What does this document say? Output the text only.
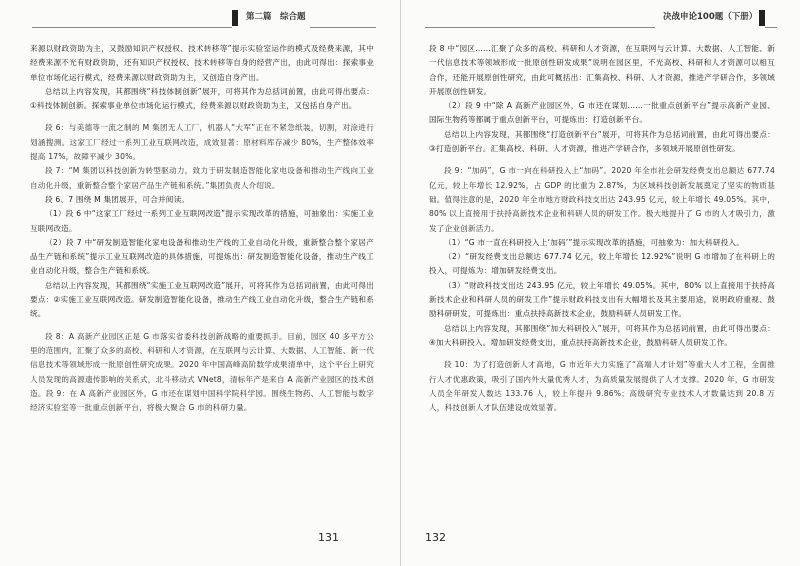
第二篇　综合题

来源以财政资助为主，又鼓励知识产权授权、技术转移等”提示实验室运作的模式及经费来源，其中经费来源不光有财政资助，还有知识产权授权、技术转移等自身的经营产出，由此可得出：探索事业单位市场化运行模式，经费来源以财政资助为主，又创造自身产出。

总结以上内容发现，其都围绕“科技体制创新”展开，可将其作为总括词前置，由此可得出要点：①科技体制创新。探索事业单位市场化运行模式，经费来源以财政资助为主，又包括自身产出。

段 6：与美德等一流之制的 M 集团无人工厂，机器人“大军”正在不紧急纸装，切割，对涂进行划涵搜测。这家工厂经过一系列工业互联网改造，成效显著：原材料库存减少 80%，生产整体效率提高 17%，故障平减少 30%。

段 7：“M 集团以科技创新为转型驱动力，致力于研发制造智能化家电设备和推动生产线向工业自动化升级，重新整合整个家居产品生产链和系统。”集团负责人介绍说。

段 6、7 围绕 M 集团展开，可合并阅读。

（1）段 6 中“这家工厂经过一系列工业互联网改造”提示实现改革的措施，可抽象出：实施工业互联网改造。

（2）段 7 中“研发制造智能化家电设备和推动生产线的工业自动化升级，重新整合整个家居产品生产链和系统”提示工业互联网改造的具体措施，可提炼出：研发制造智能化设备，推动生产线工业自动化升级，整合生产链和系统。

总结以上内容发现，其都围绕“实施工业互联网改造”展开，可将其作为总括词前置，由此可得出要点：②实施工业互联网改造。研发制造智能化设备，推动生产线工业自动化升级，整合生产链和系统。

段 8：A 高新产业园区正是 G 市落实省委科技创新战略的重要抓手。目前，园区 40 多平方公里的范围内，汇聚了众多的高校、科研和人才资源，在互联网与云计算、大数据、人工智能、新一代信息技术等领域形成一批原创性研究成果。2020 年中国高峰高阶数学成果清单中，这个平台上研究人员发现的高源遗传影响的关系式，北斗移动式 VNet8，清标年产是来自 A 高新产业园区的技术创造。段 9：在 A 高新产业园区外，G 市还在谋划中国科学院科学园。围绕生物药、人工智能与数字经济实验室等一批重点创新平台，将极大聚合 G 市的科研力量。

131
决战申论100题（下册）

段 8 中“园区……汇聚了众多的高校、科研和人才资源，在互联网与云计算、大数据、人工智能、新一代信息技术等领域形成一批原创性研发成果”说明在园区里，不光高校、科研和人才资源可以相互合作，还能开展原创性研究，由此可概括出：汇集高校、科研、人才资源，推进产学研合作，多领域开展原创性研发。

（2）段 9 中“除 A 高新产业园区外，G 市还在谋划……一批重点创新平台”提示高新产业园、国际生物药等都属于重点创新平台，可提炼出：打造创新平台。

总结以上内容发现，其都围绕“打造创新平台”展开，可将其作为总括词前置，由此可得出要点：③打造创新平台。汇集高校、科研、人才资源，推进产学研合作，多领域开展原创性研发。

段 9：“加码”，G 市一向在科研投入上“加码”。2020 年全市社会研发经费支出总额达 677.74 亿元，较上年增长 12.92%，占 GDP 的比重为 2.87%，为区域科技创新发展奠定了坚实的物质基础。值得注意的是，2020 年全市地方财政科技支出达 243.95 亿元，较上年增长 49.05%。其中，80% 以上直接用于扶持高新技术企业和科研人员的研发工作。极大地提升了 G 市的人才吸引力，激发了企业创新活力。

（1）“G 市一直在科研投入上‘加码’”提示实现改革的措施，可抽象为：加大科研投入。

（2）“研发经费支出总额达 677.74 亿元，较上年增长 12.92%”说明 G 市增加了在科研上的投入，可提炼为：增加研发经费支出。

（3）“财政科技支出达 243.95 亿元，较上年增长 49.05%。其中，80% 以上直接用于扶持高新技术企业和科研人员的研发工作”提示财政科技支出有大幅增长及其主要用途，说明政府重视、鼓励科研研发，可提炼出：重点扶持高新技术企业，鼓励科研人员研发工作。

总结以上内容发现，其都围绕“加大科研投入”展开，可将其作为总括词前置，由此可得出要点：④加大科研投入。增加研发经费支出，重点扶持高新技术企业，鼓励科研人员研发工作。

段 10：为了打造创新人才高地，G 市近年大力实施了“高端人才计划”等重大人才工程，全面推行人才优惠政策，吸引了国内外大量优秀人才，为高质量发展提供了人才支撑。2020 年，G 市研发人员全年研发人数达 133.76 人，较上年提升 9.86%；高级研究专业技术人才数量达到 20.8 万人，科技创新人才队伍建设成效显著。

132
